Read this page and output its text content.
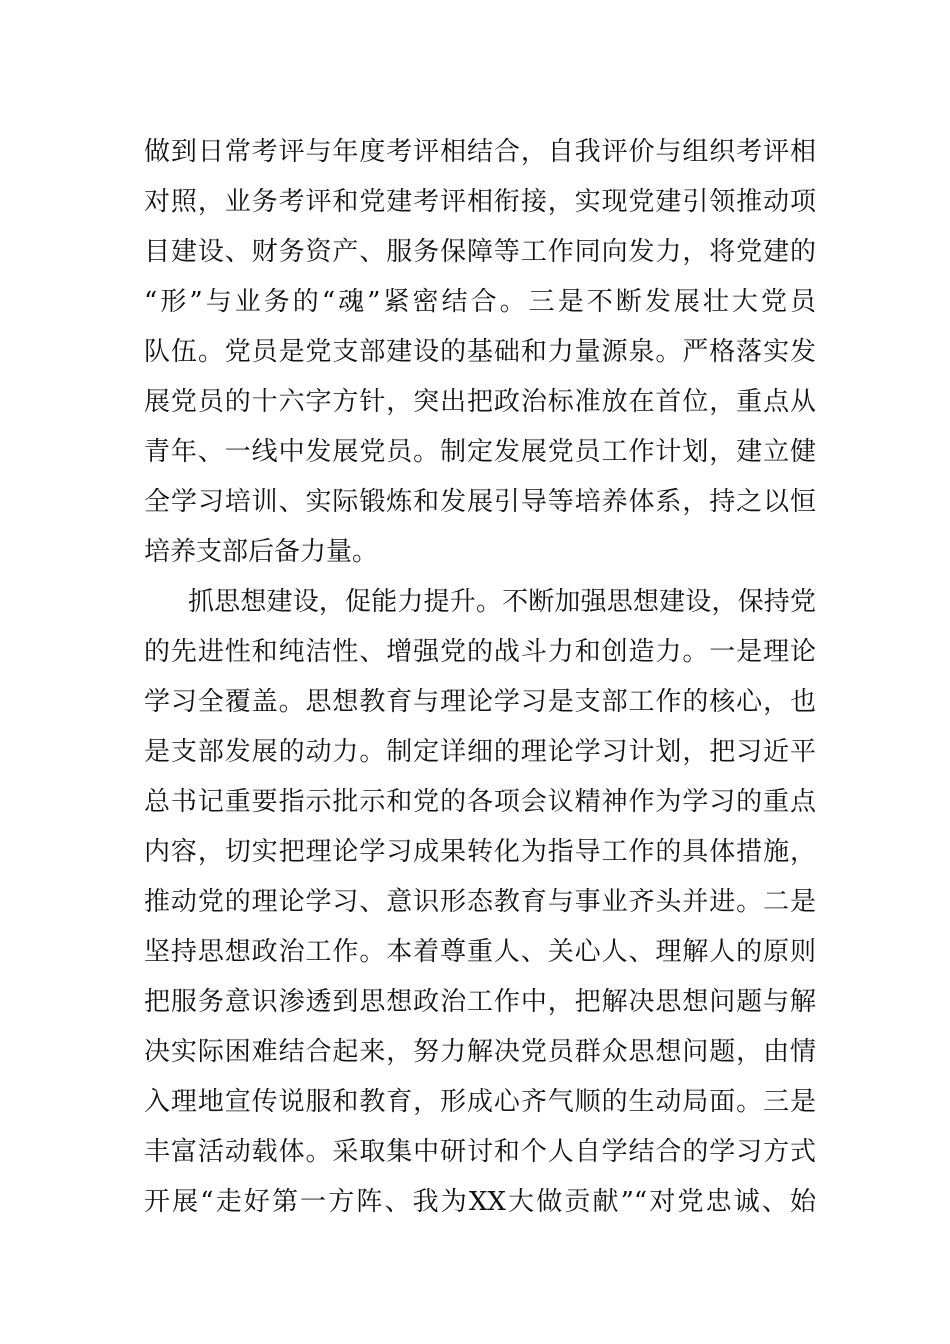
做到日常考评与年度考评相结合，自我评价与组织考评相
对照，业务考评和党建考评相衔接，实现党建引领推动项
目建设、财务资产、服务保障等工作同向发力，将党建的
“形”与业务的“魂”紧密结合。三是不断发展壮大党员
队伍。党员是党支部建设的基础和力量源泉。严格落实发
展党员的十六字方针，突出把政治标准放在首位，重点从
青年、一线中发展党员。制定发展党员工作计划，建立健
全学习培训、实际锻炼和发展引导等培养体系，持之以恒
培养支部后备力量。
抓思想建设，促能力提升。不断加强思想建设，保持党
的先进性和纯洁性、增强党的战斗力和创造力。一是理论
学习全覆盖。思想教育与理论学习是支部工作的核心，也
是支部发展的动力。制定详细的理论学习计划，把习近平
总书记重要指示批示和党的各项会议精神作为学习的重点
内容，切实把理论学习成果转化为指导工作的具体措施，
推动党的理论学习、意识形态教育与事业齐头并进。二是
坚持思想政治工作。本着尊重人、关心人、理解人的原则
把服务意识渗透到思想政治工作中，把解决思想问题与解
决实际困难结合起来，努力解决党员群众思想问题，由情
入理地宣传说服和教育，形成心齐气顺的生动局面。三是
丰富活动载体。采取集中研讨和个人自学结合的学习方式
开展“走好第一方阵、我为XX大做贡献”“对党忠诚、始
